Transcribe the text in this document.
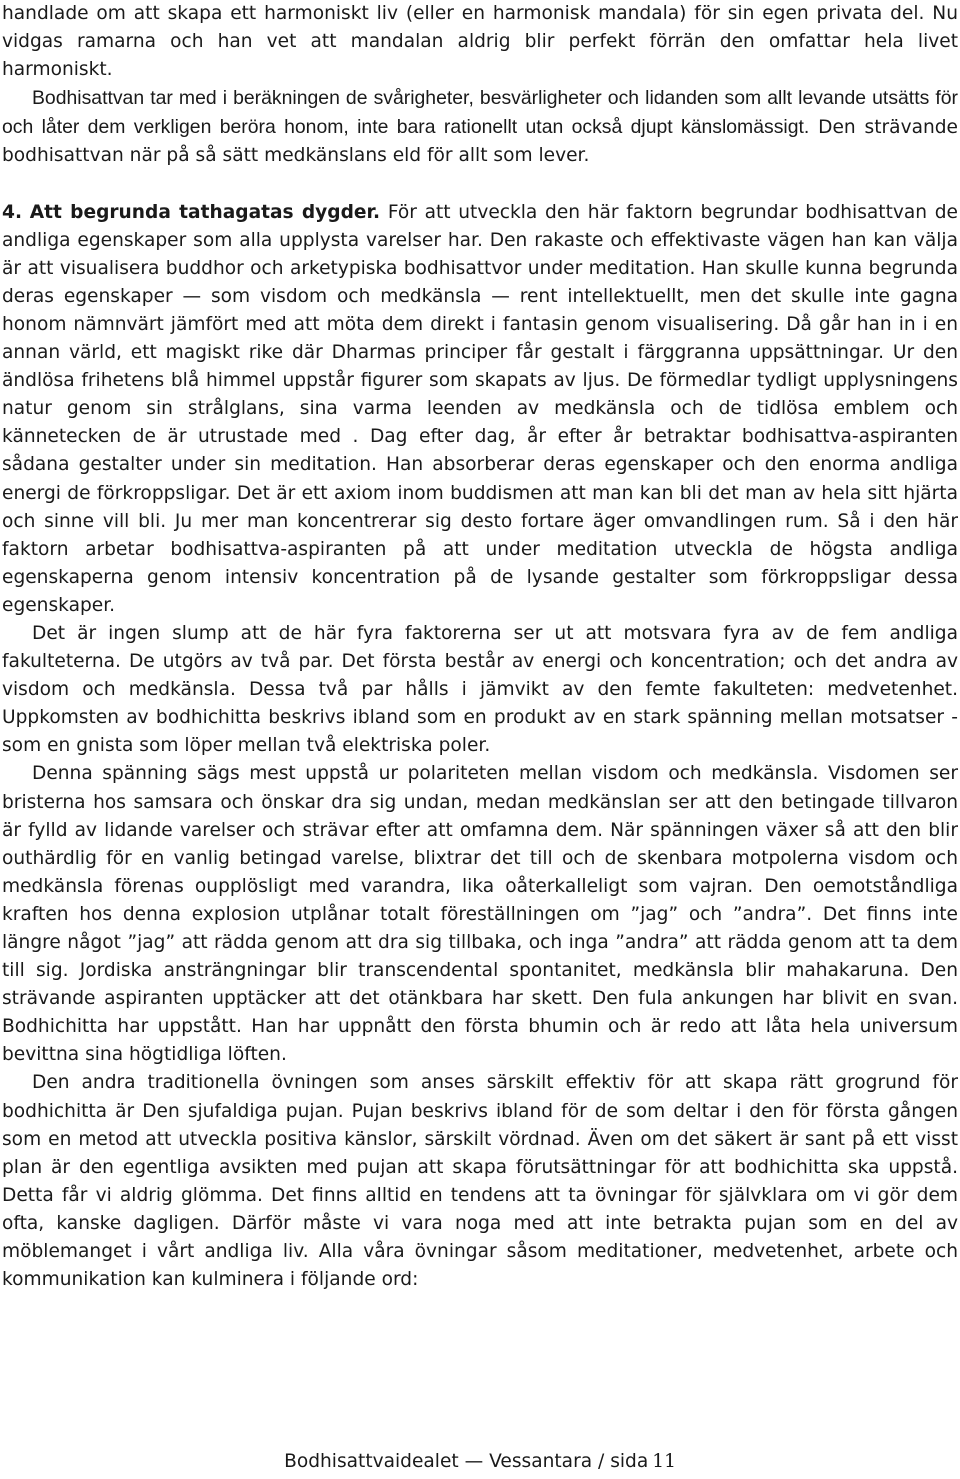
handlade om att skapa ett harmoniskt liv (eller en harmonisk mandala) för sin egen privata del. Nu vidgas ramarna och han vet att mandalan aldrig blir perfekt förrän den omfattar hela livet harmoniskt.
Bodhisattvan tar med i beräkningen de svårigheter, besvärligheter och lidanden som allt levande utsätts för och låter dem verkligen beröra honom, inte bara rationellt utan också djupt känslomässigt. Den strävande bodhisattvan när på så sätt medkänslans eld för allt som lever.

4. Att begrunda tathagatas dygder. För att utveckla den här faktorn begrundar bodhisattvan de andliga egenskaper som alla upplysta varelser har. Den rakaste och effektivaste vägen han kan välja är att visualisera buddhor och arketypiska bodhisattvor under meditation. Han skulle kunna begrunda deras egenskaper — som visdom och medkänsla — rent intellektuellt, men det skulle inte gagna honom nämnvärt jämfört med att möta dem direkt i fantasin genom visualisering. Då går han in i en annan värld, ett magiskt rike där Dharmas principer får gestalt i färggranna uppsättningar. Ur den ändlösa frihetens blå himmel uppstår figurer som skapats av ljus. De förmedlar tydligt upplysningens natur genom sin strålglans, sina varma leenden av medkänsla och de tidlösa emblem och kännetecken de är utrustade med . Dag efter dag, år efter år betraktar bodhisattva-aspiranten sådana gestalter under sin meditation. Han absorberar deras egenskaper och den enorma andliga energi de förkroppsligar. Det är ett axiom inom buddismen att man kan bli det man av hela sitt hjärta och sinne vill bli. Ju mer man koncentrerar sig desto fortare äger omvandlingen rum. Så i den här faktorn arbetar bodhisattva-aspiranten på att under meditation utveckla de högsta andliga egenskaperna genom intensiv koncentration på de lysande gestalter som förkroppsligar dessa egenskaper.

Det är ingen slump att de här fyra faktorerna ser ut att motsvara fyra av de fem andliga fakulteterna. De utgörs av två par. Det första består av energi och koncentration; och det andra av visdom och medkänsla. Dessa två par hålls i jämvikt av den femte fakulteten: medvetenhet. Uppkomsten av bodhichitta beskrivs ibland som en produkt av en stark spänning mellan motsatser - som en gnista som löper mellan två elektriska poler.

Denna spänning sägs mest uppstå ur polariteten mellan visdom och medkänsla. Visdomen ser bristerna hos samsara och önskar dra sig undan, medan medkänslan ser att den betingade tillvaron är fylld av lidande varelser och strävar efter att omfamna dem. När spänningen växer så att den blir outhärdlig för en vanlig betingad varelse, blixtrar det till och de skenbara motpolerna visdom och medkänsla förenas oupplösligt med varandra, lika oåterkalleligt som vajran. Den oemotståndliga kraften hos denna explosion utplånar totalt föreställningen om ”jag” och ”andra”. Det finns inte längre något ”jag” att rädda genom att dra sig tillbaka, och inga ”andra” att rädda genom att ta dem till sig. Jordiska ansträngningar blir transcendental spontanitet, medkänsla blir mahakaruna. Den strävande aspiranten upptäcker att det otänkbara har skett. Den fula ankungen har blivit en svan. Bodhichitta har uppstått. Han har uppnått den första bhumin och är redo att låta hela universum bevittna sina högtidliga löften.

Den andra traditionella övningen som anses särskilt effektiv för att skapa rätt grogrund för bodhichitta är Den sjufaldiga pujan. Pujan beskrivs ibland för de som deltar i den för första gången som en metod att utveckla positiva känslor, särskilt vördnad. Även om det säkert är sant på ett visst plan är den egentliga avsikten med pujan att skapa förutsättningar för att bodhichitta ska uppstå. Detta får vi aldrig glömma. Det finns alltid en tendens att ta övningar för självklara om vi gör dem ofta, kanske dagligen. Därför måste vi vara noga med att inte betrakta pujan som en del av möblemanget i vårt andliga liv. Alla våra övningar såsom meditationer, medvetenhet, arbete och kommunikation kan kulminera i följande ord:

Bodhisattvaidealet — Vessantara / sida 11
